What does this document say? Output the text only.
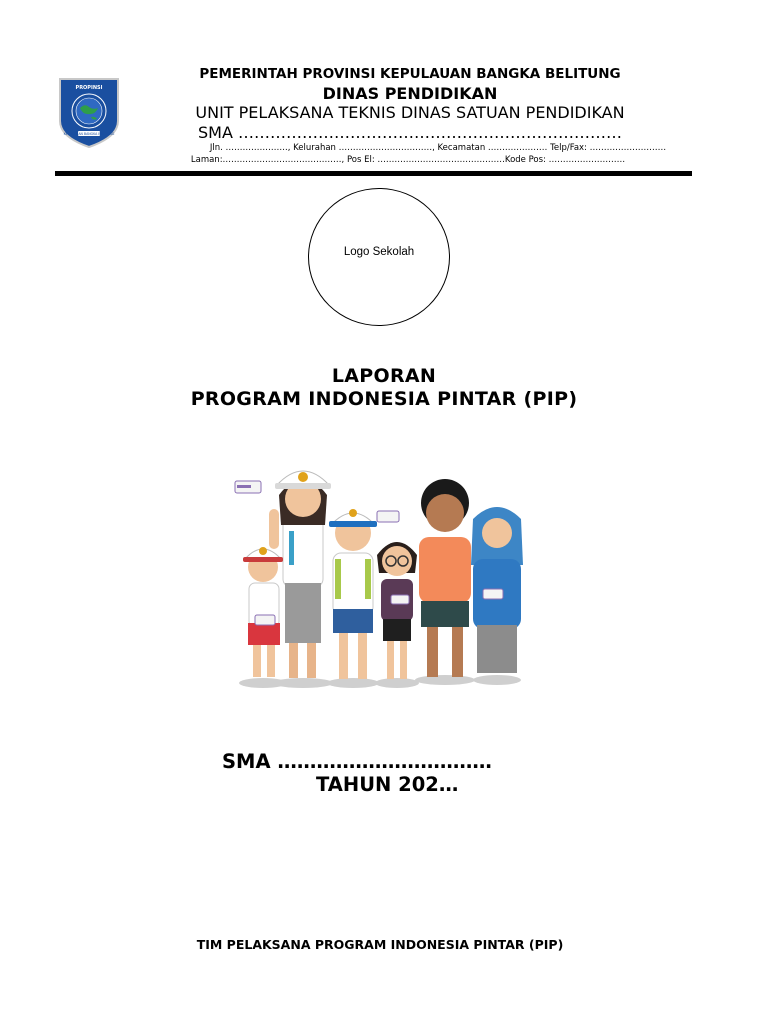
PROPINSI
KEPULAUAN BANGKA BELITUNG
PEMERINTAH PROVINSI KEPULAUAN BANGKA BELITUNG
DINAS PENDIDIKAN
UNIT PELAKSANA TEKNIS DINAS SATUAN PENDIDIKAN
SMA ………………………………………………………………
Jln. …………………., Kelurahan ……………………………, Kecamatan ………………… Telp/Fax: ………………………
Laman:……………………………………, Pos El: ………………………………………Kode Pos: ………………………
Logo Sekolah
LAPORAN
PROGRAM INDONESIA PINTAR (PIP)
SMA ……………………………
TAHUN 202…
TIM PELAKSANA PROGRAM INDONESIA PINTAR (PIP)
